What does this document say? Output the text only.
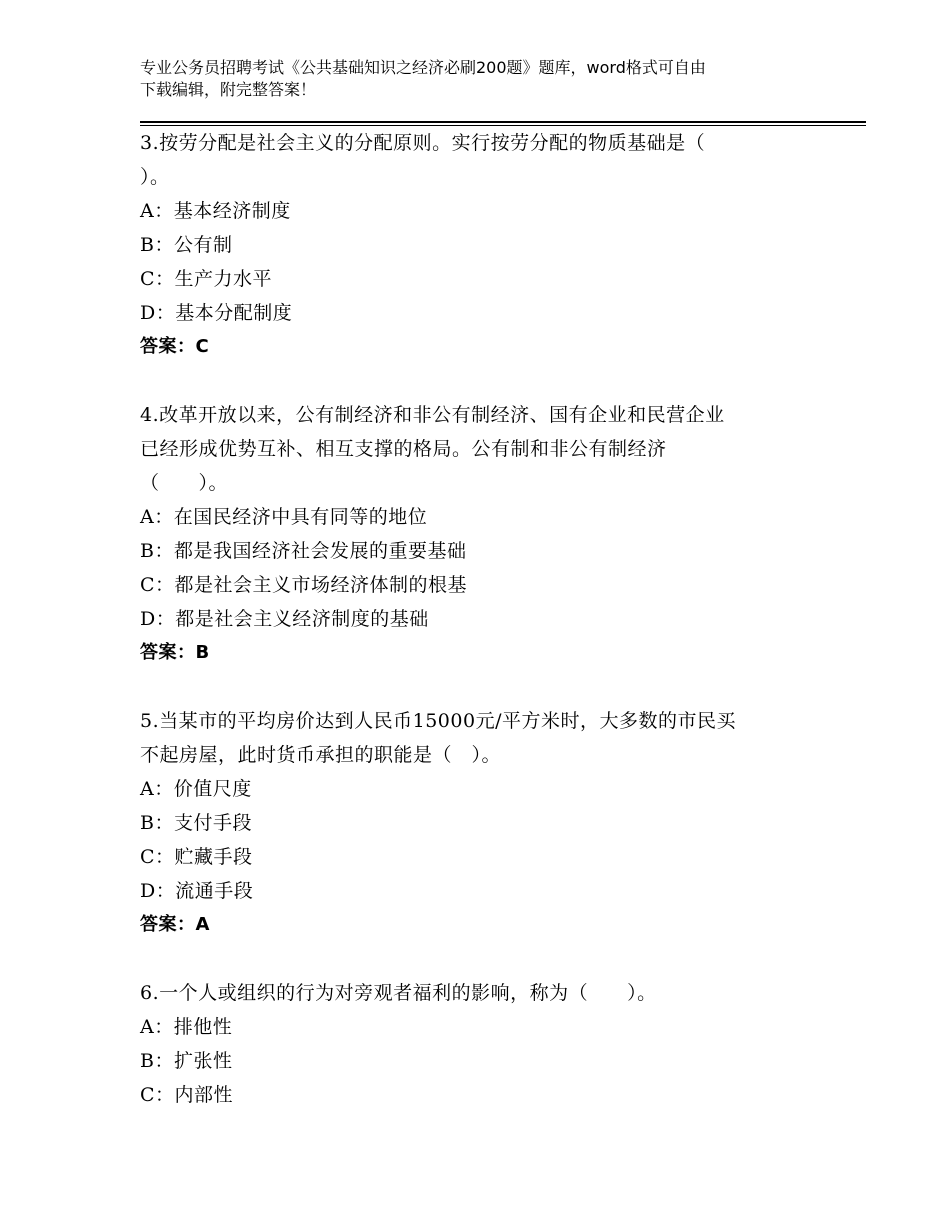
专业公务员招聘考试《公共基础知识之经济必刷200题》题库，word格式可自由
下载编辑，附完整答案！
3.按劳分配是社会主义的分配原则。实行按劳分配的物质基础是（
）。
A：基本经济制度
B：公有制
C：生产力水平
D：基本分配制度
答案：C
4.改革开放以来，公有制经济和非公有制经济、国有企业和民营企业
已经形成优势互补、相互支撑的格局。公有制和非公有制经济
（　　）。
A：在国民经济中具有同等的地位
B：都是我国经济社会发展的重要基础
C：都是社会主义市场经济体制的根基
D：都是社会主义经济制度的基础
答案：B
5.当某市的平均房价达到人民币15000元/平方米时，大多数的市民买
不起房屋，此时货币承担的职能是（　）。
A：价值尺度
B：支付手段
C：贮藏手段
D：流通手段
答案：A
6.一个人或组织的行为对旁观者福利的影响，称为（　　）。
A：排他性
B：扩张性
C：内部性
